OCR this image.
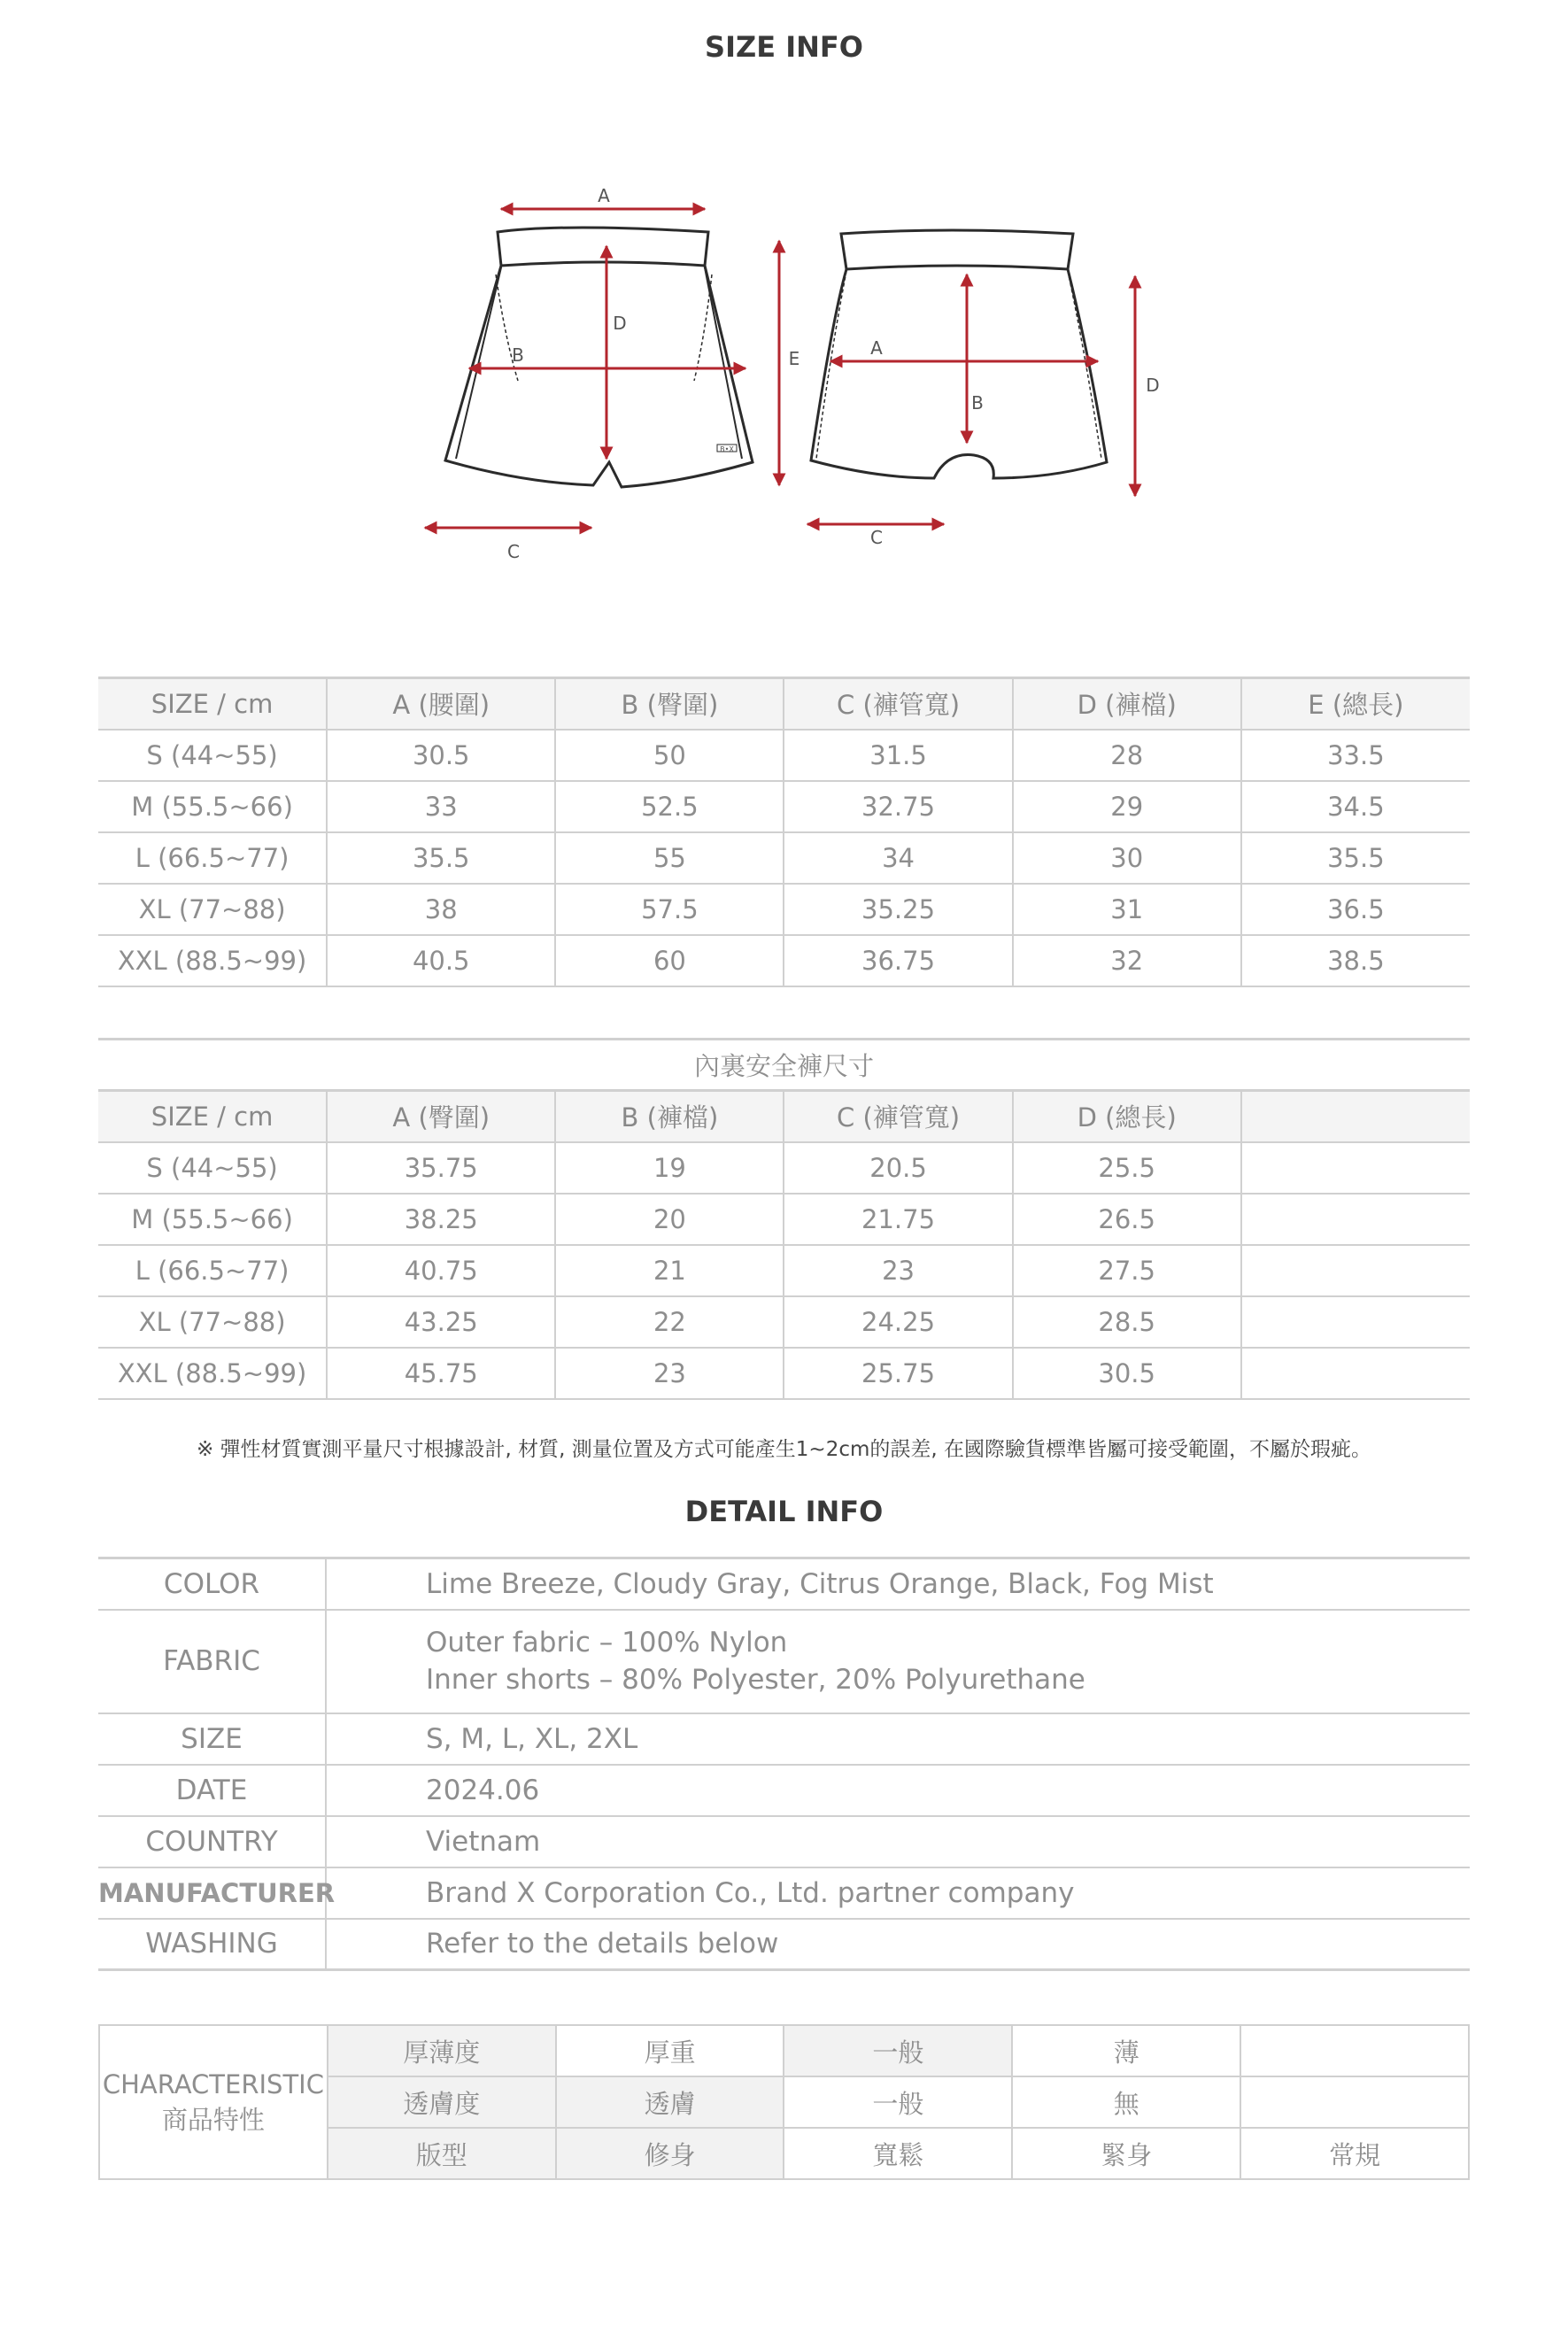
SIZE INFO
B•X
A
B
D
C
E	A
B
C
D
SIZE / cm	A (腰圍)	B (臀圍)	C (褲管寬)	D (褲檔)	E (總長)
S (44~55)	30.5	50	31.5	28	33.5
M (55.5~66)	33	52.5	32.75	29	34.5
L (66.5~77)	35.5	55	34	30	35.5
XL (77~88)	38	57.5	35.25	31	36.5
XXL (88.5~99)	40.5	60	36.75	32	38.5
內裏安全褲尺寸
SIZE / cm	A (臀圍)	B (褲檔)	C (褲管寬)	D (總長)	
S (44~55)	35.75	19	20.5	25.5	
M (55.5~66)	38.25	20	21.75	26.5	
L (66.5~77)	40.75	21	23	27.5	
XL (77~88)	43.25	22	24.25	28.5	
XXL (88.5~99)	45.75	23	25.75	30.5	
※ 彈性材質實測平量尺寸根據設計, 材質, 測量位置及方式可能產生1~2cm的誤差, 在國際驗貨標準皆屬可接受範圍，不屬於瑕疵。
DETAIL INFO
COLOR	Lime Breeze, Cloudy Gray, Citrus Orange, Black, Fog Mist
FABRIC	Outer fabric – 100% Nylon
Inner shorts – 80% Polyester, 20% Polyurethane

SIZE	S, M, L, XL, 2XL
DATE	2024.06
COUNTRY	Vietnam
MANUFACTURER	Brand X Corporation Co., Ltd. partner company
WASHING	Refer to the details below
CHARACTERISTIC
商品特性	厚薄度	厚重	一般	薄	
	透膚度	透膚	一般	無	
	版型	修身	寬鬆	緊身	常規
